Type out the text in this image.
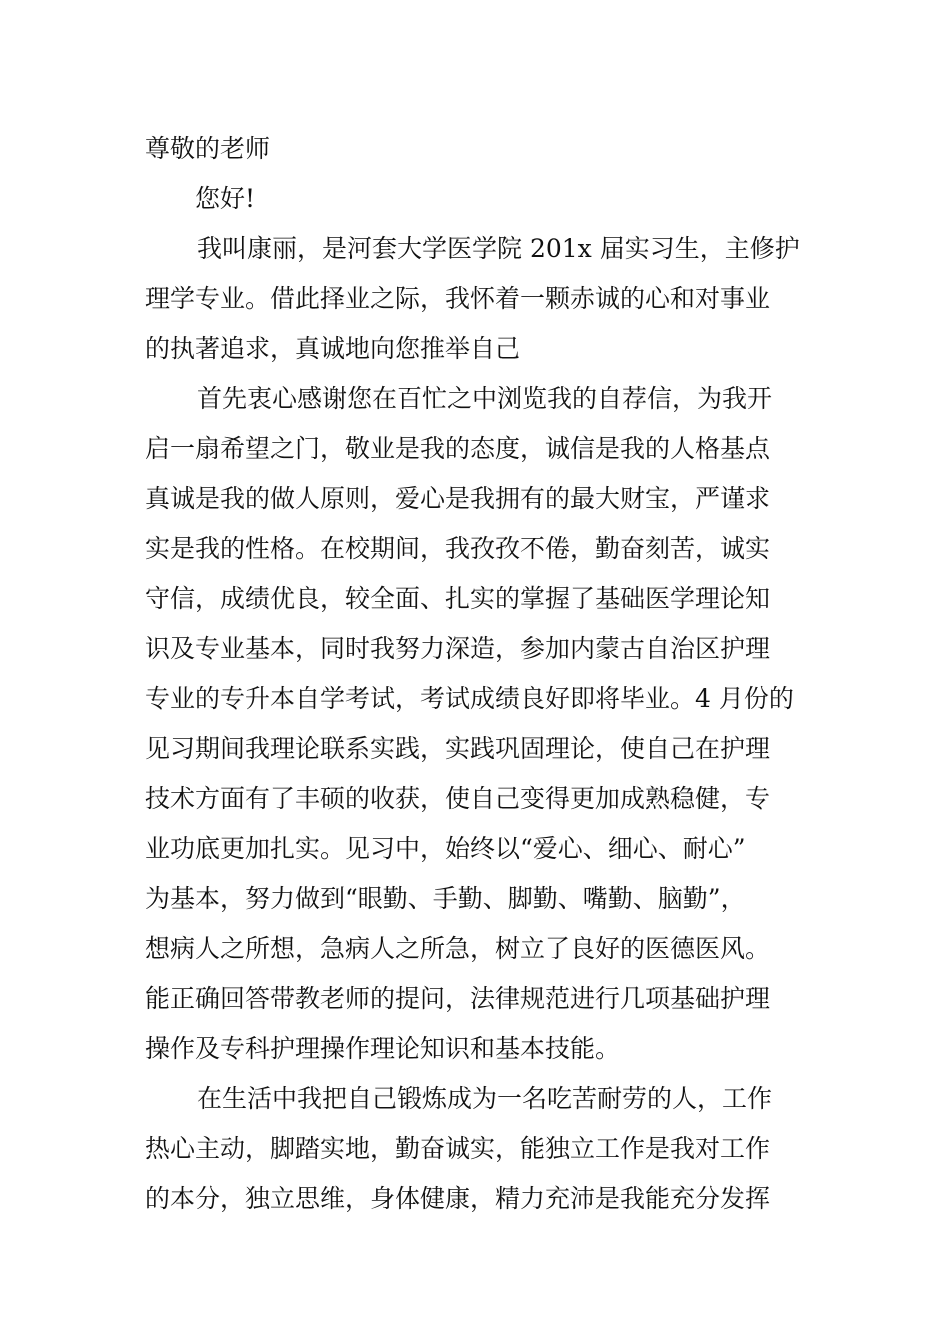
尊敬的老师
您好!
我叫康丽，是河套大学医学院 201x 届实习生，主修护
理学专业。借此择业之际，我怀着一颗赤诚的心和对事业
的执著追求，真诚地向您推举自己
首先衷心感谢您在百忙之中浏览我的自荐信，为我开
启一扇希望之门，敬业是我的态度，诚信是我的人格基点
真诚是我的做人原则，爱心是我拥有的最大财宝，严谨求
实是我的性格。在校期间，我孜孜不倦，勤奋刻苦，诚实
守信，成绩优良，较全面、扎实的掌握了基础医学理论知
识及专业基本，同时我努力深造，参加内蒙古自治区护理
专业的专升本自学考试，考试成绩良好即将毕业。4 月份的
见习期间我理论联系实践，实践巩固理论，使自己在护理
技术方面有了丰硕的收获，使自己变得更加成熟稳健，专
业功底更加扎实。见习中，始终以“爱心、细心、耐心”
为基本，努力做到“眼勤、手勤、脚勤、嘴勤、脑勤”，
想病人之所想，急病人之所急，树立了良好的医德医风。
能正确回答带教老师的提问，法律规范进行几项基础护理
操作及专科护理操作理论知识和基本技能。
在生活中我把自己锻炼成为一名吃苦耐劳的人，工作
热心主动，脚踏实地，勤奋诚实，能独立工作是我对工作
的本分，独立思维，身体健康，精力充沛是我能充分发挥
